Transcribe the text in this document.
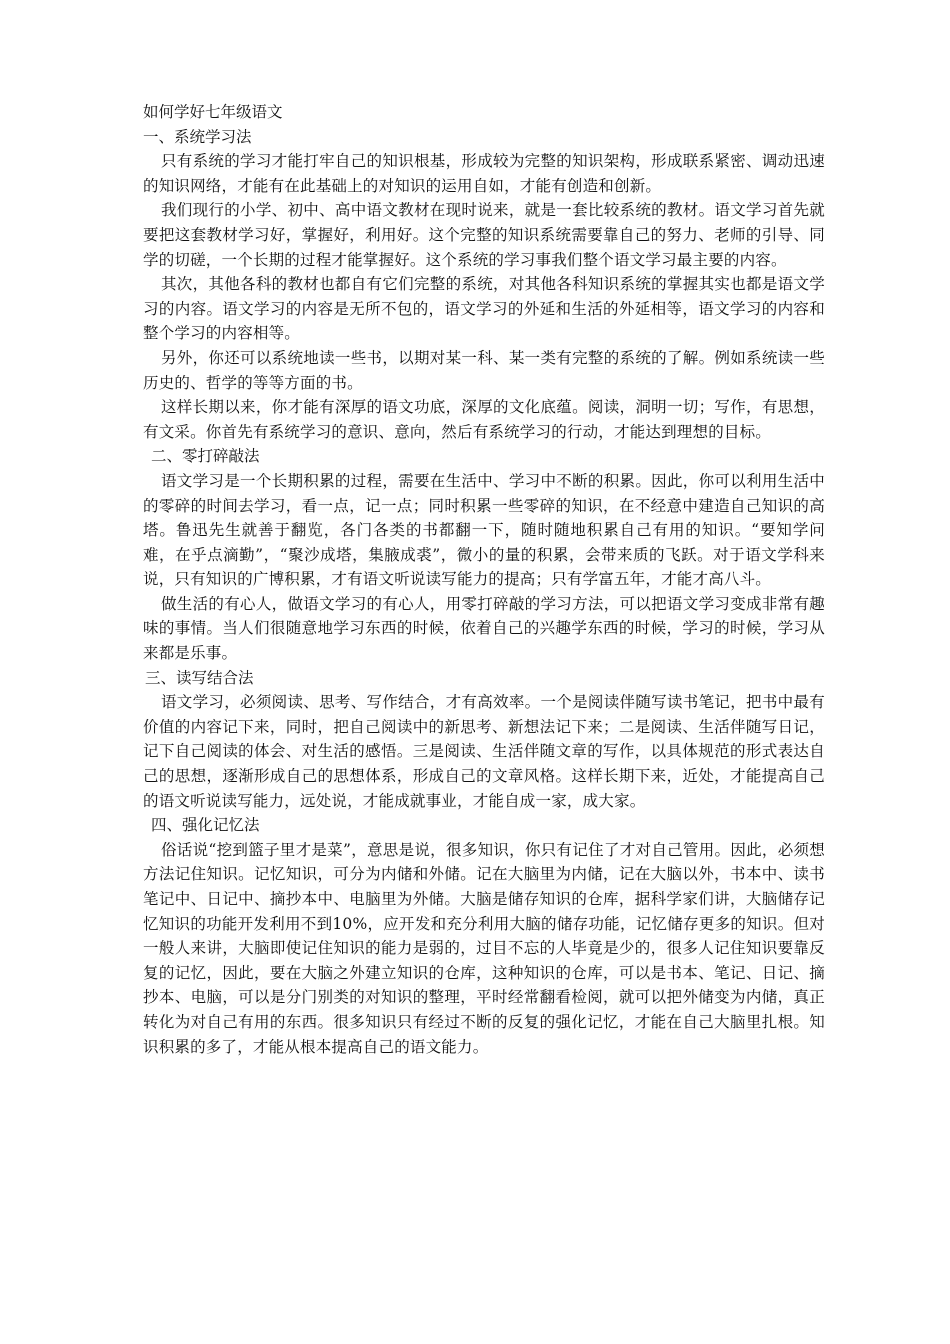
如何学好七年级语文
一、系统学习法

只有系统的学习才能打牢自己的知识根基，形成较为完整的知识架构，形成联系紧密、调动迅速的知识网络，才能有在此基础上的对知识的运用自如，才能有创造和创新。

我们现行的小学、初中、高中语文教材在现时说来，就是一套比较系统的教材。语文学习首先就要把这套教材学习好，掌握好，利用好。这个完整的知识系统需要靠自己的努力、老师的引导、同学的切磋，一个长期的过程才能掌握好。这个系统的学习事我们整个语文学习最主要的内容。

其次，其他各科的教材也都自有它们完整的系统，对其他各科知识系统的掌握其实也都是语文学习的内容。语文学习的内容是无所不包的，语文学习的外延和生活的外延相等，语文学习的内容和整个学习的内容相等。

另外，你还可以系统地读一些书，以期对某一科、某一类有完整的系统的了解。例如系统读一些历史的、哲学的等等方面的书。

这样长期以来，你才能有深厚的语文功底，深厚的文化底蕴。阅读，洞明一切；写作，有思想，有文采。你首先有系统学习的意识、意向，然后有系统学习的行动，才能达到理想的目标。

二、零打碎敲法

语文学习是一个长期积累的过程，需要在生活中、学习中不断的积累。因此，你可以利用生活中的零碎的时间去学习，看一点，记一点；同时积累一些零碎的知识，在不经意中建造自己知识的高塔。鲁迅先生就善于翻览，各门各类的书都翻一下，随时随地积累自己有用的知识。“要知学问难，在乎点滴勤”，“聚沙成塔，集腋成裘”，微小的量的积累，会带来质的飞跃。对于语文学科来说，只有知识的广博积累，才有语文听说读写能力的提高；只有学富五年，才能才高八斗。

做生活的有心人，做语文学习的有心人，用零打碎敲的学习方法，可以把语文学习变成非常有趣味的事情。当人们很随意地学习东西的时候，依着自己的兴趣学东西的时候，学习的时候，学习从来都是乐事。

三、读写结合法

语文学习，必须阅读、思考、写作结合，才有高效率。一个是阅读伴随写读书笔记，把书中最有价值的内容记下来，同时，把自己阅读中的新思考、新想法记下来；二是阅读、生活伴随写日记，记下自己阅读的体会、对生活的感悟。三是阅读、生活伴随文章的写作，以具体规范的形式表达自己的思想，逐渐形成自己的思想体系，形成自己的文章风格。这样长期下来，近处，才能提高自己的语文听说读写能力，远处说，才能成就事业，才能自成一家，成大家。

四、强化记忆法

俗话说“挖到篮子里才是菜”，意思是说，很多知识，你只有记住了才对自己管用。因此，必须想方法记住知识。记忆知识，可分为内储和外储。记在大脑里为内储，记在大脑以外，书本中、读书笔记中、日记中、摘抄本中、电脑里为外储。大脑是储存知识的仓库，据科学家们讲，大脑储存记忆知识的功能开发利用不到10%，应开发和充分利用大脑的储存功能，记忆储存更多的知识。但对一般人来讲，大脑即使记住知识的能力是弱的，过目不忘的人毕竟是少的，很多人记住知识要靠反复的记忆，因此，要在大脑之外建立知识的仓库，这种知识的仓库，可以是书本、笔记、日记、摘抄本、电脑，可以是分门别类的对知识的整理，平时经常翻看检阅，就可以把外储变为内储，真正转化为对自己有用的东西。很多知识只有经过不断的反复的强化记忆，才能在自己大脑里扎根。知识积累的多了，才能从根本提高自己的语文能力。
